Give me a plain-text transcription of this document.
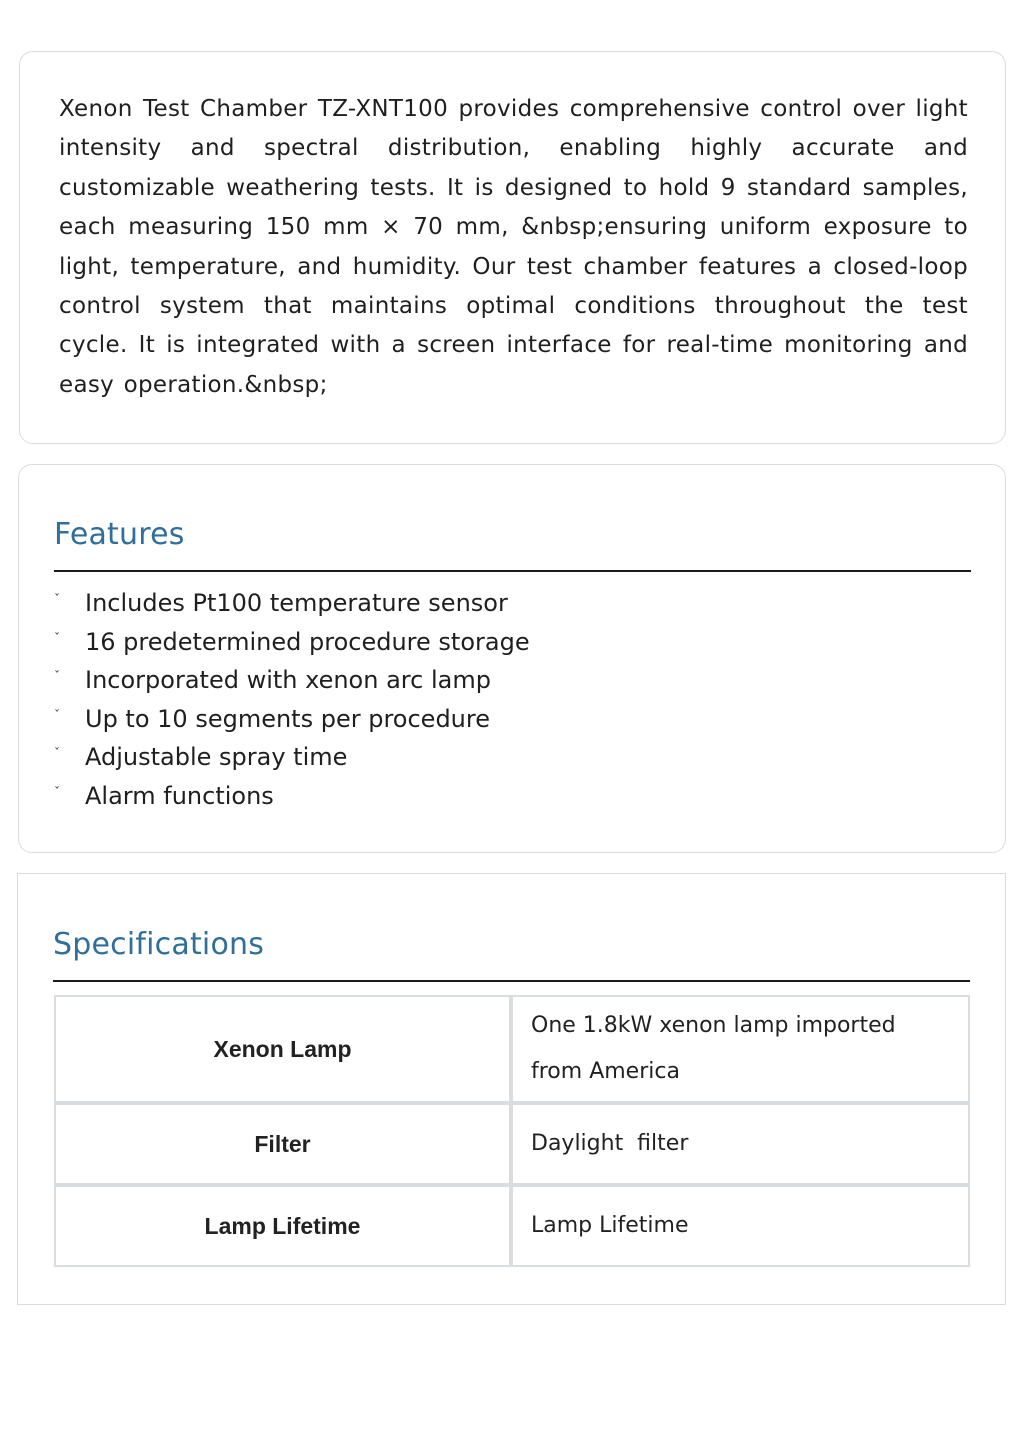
Xenon Test Chamber TZ-XNT100 provides comprehensive control over light intensity and spectral distribution, enabling highly accurate and customizable weathering tests. It is designed to hold 9 standard samples, each measuring 150 mm × 70 mm, &nbsp;ensuring uniform exposure to light, temperature, and humidity. Our test chamber features a closed-loop control system that maintains optimal conditions throughout the test cycle. It is integrated with a screen interface for real-time monitoring and easy operation.&nbsp;

Features
ˇ Includes Pt100 temperature sensor
ˇ 16 predetermined procedure storage
ˇ Incorporated with xenon arc lamp
ˇ Up to 10 segments per procedure
ˇ Adjustable spray time
ˇ Alarm functions
Specifications
Xenon Lamp	One 1.8kW xenon lamp imported from America
Filter	Daylight  filter
Lamp Lifetime	Lamp Lifetime
